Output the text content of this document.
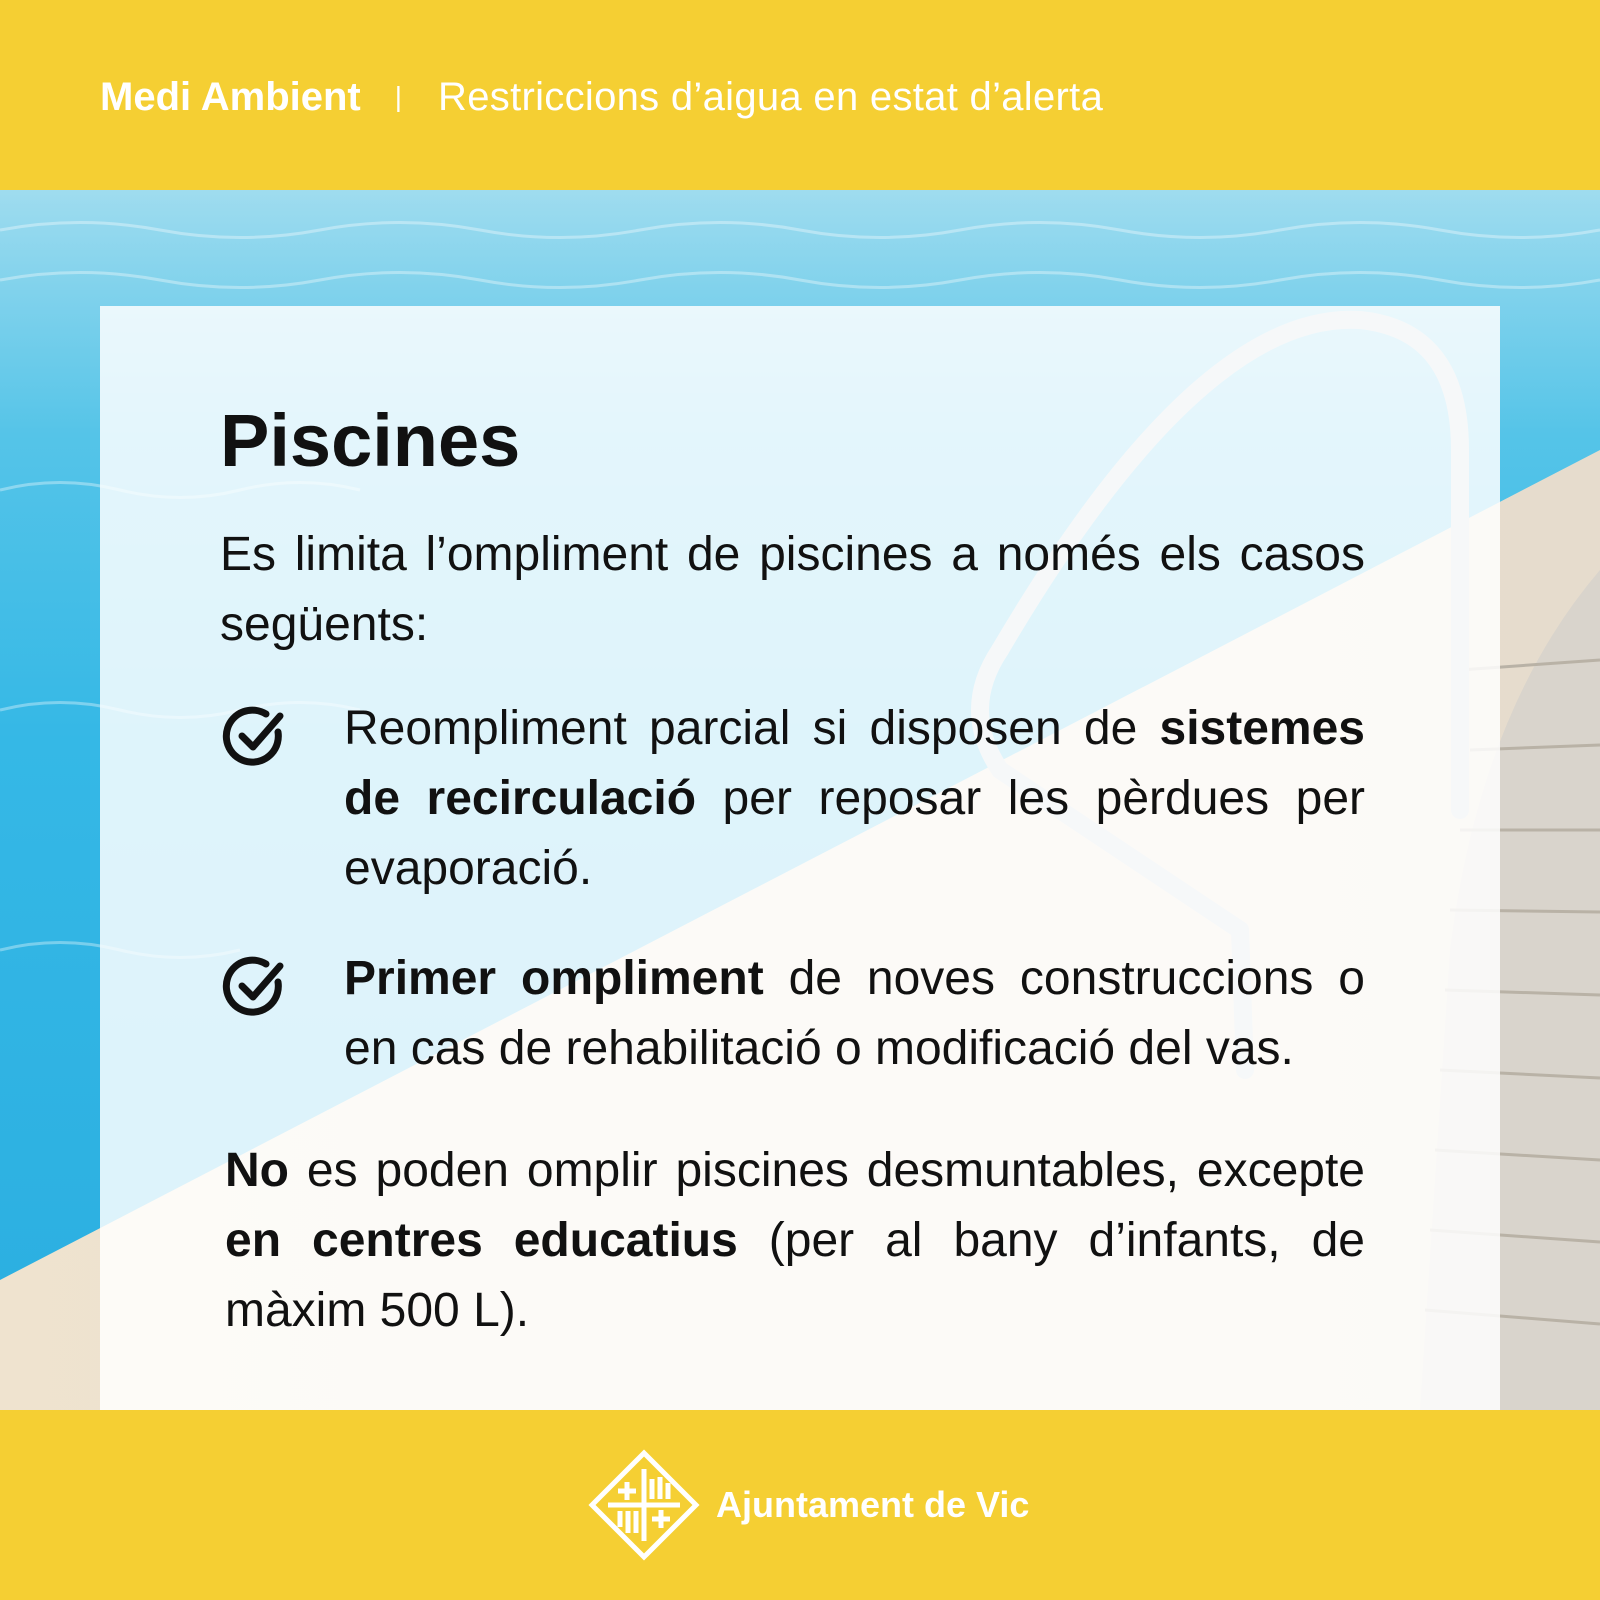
Medi Ambient | Restriccions d’aigua en estat d’alerta
Piscines

Es limita l’ompliment de piscines a només els casos següents:

Reompliment parcial si disposen de sistemes de recirculació per reposar les pèrdues per evaporació.

Primer ompliment de noves construccions o en cas de rehabilitació o modificació del vas.

No es poden omplir piscines desmuntables, excepte en centres educatius (per al bany d’infants, de màxim 500 L).

Ajuntament de Vic
